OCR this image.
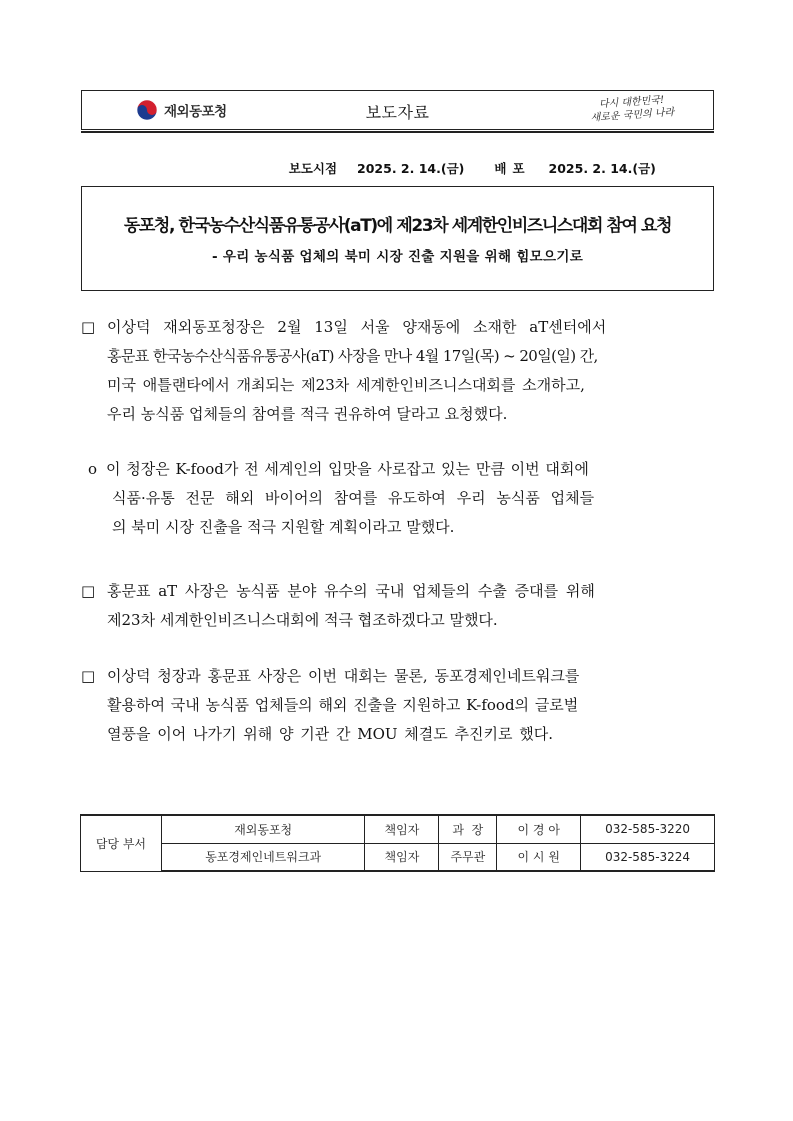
재외동포청	보도자료
다시 대한민국!
새로운 국민의 나라

보도시점 2025. 2. 14.(금) 배포 2025. 2. 14.(금)

동포청, 한국농수산식품유통공사(aT)에 제23차 세계한인비즈니스대회 참여 요청
- 우리 농식품 업체의 북미 시장 진출 지원을 위해 힘모으기로
□ 이상덕 재외동포청장은 2월 13일 서울 양재동에 소재한 aT센터에서
홍문표 한국농수산식품유통공사(aT) 사장을 만나 4월 17일(목) ~ 20일(일) 간,
미국 애틀랜타에서 개최되는 제23차 세계한인비즈니스대회를 소개하고,
우리 농식품 업체들의 참여를 적극 권유하여 달라고 요청했다.
o 이 청장은 K-food가 전 세계인의 입맛을 사로잡고 있는 만큼 이번 대회에
식품·유통 전문 해외 바이어의 참여를 유도하여 우리 농식품 업체들
의 북미 시장 진출을 적극 지원할 계획이라고 말했다.
□ 홍문표 aT 사장은 농식품 분야 유수의 국내 업체들의 수출 증대를 위해
제23차 세계한인비즈니스대회에 적극 협조하겠다고 말했다.
□ 이상덕 청장과 홍문표 사장은 이번 대회는 물론, 동포경제인네트워크를
활용하여 국내 농식품 업체들의 해외 진출을 지원하고 K-food의 글로벌
열풍을 이어 나가기 위해 양 기관 간 MOU 체결도 추진키로 했다.
담당 부서	재외동포청	책임자	과  장	이 경 아	032-585-3220
	동포경제인네트워크과	책임자	주무관	이 시 원	032-585-3224
